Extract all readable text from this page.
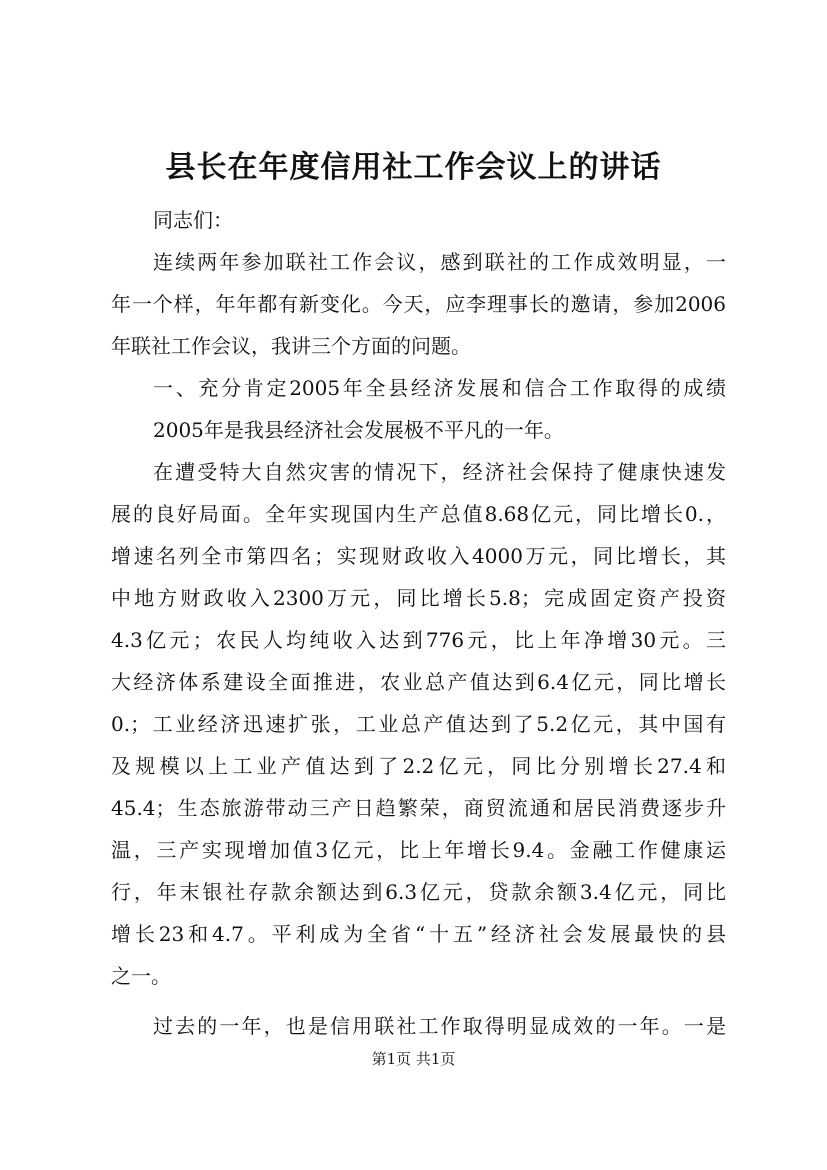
县长在年度信用社工作会议上的讲话
同志们：
连续两年参加联社工作会议，感到联社的工作成效明显，一
年一个样，年年都有新变化。今天，应李理事长的邀请，参加2006
年联社工作会议，我讲三个方面的问题。
一、充分肯定2005年全县经济发展和信合工作取得的成绩
2005年是我县经济社会发展极不平凡的一年。
在遭受特大自然灾害的情况下，经济社会保持了健康快速发
展的良好局面。全年实现国内生产总值8.68亿元，同比增长0.，
增速名列全市第四名；实现财政收入4000万元，同比增长，其
中地方财政收入2300万元，同比增长5.8；完成固定资产投资
4.3亿元；农民人均纯收入达到776元，比上年净增30元。三
大经济体系建设全面推进，农业总产值达到6.4亿元，同比增长
0.；工业经济迅速扩张，工业总产值达到了5.2亿元，其中国有
及规模以上工业产值达到了2.2亿元，同比分别增长27.4和
45.4；生态旅游带动三产日趋繁荣，商贸流通和居民消费逐步升
温，三产实现增加值3亿元，比上年增长9.4。金融工作健康运
行，年末银社存款余额达到6.3亿元，贷款余额3.4亿元，同比
增长23和4.7。平利成为全省“十五”经济社会发展最快的县
之一。
过去的一年，也是信用联社工作取得明显成效的一年。一是
第1页 共1页
